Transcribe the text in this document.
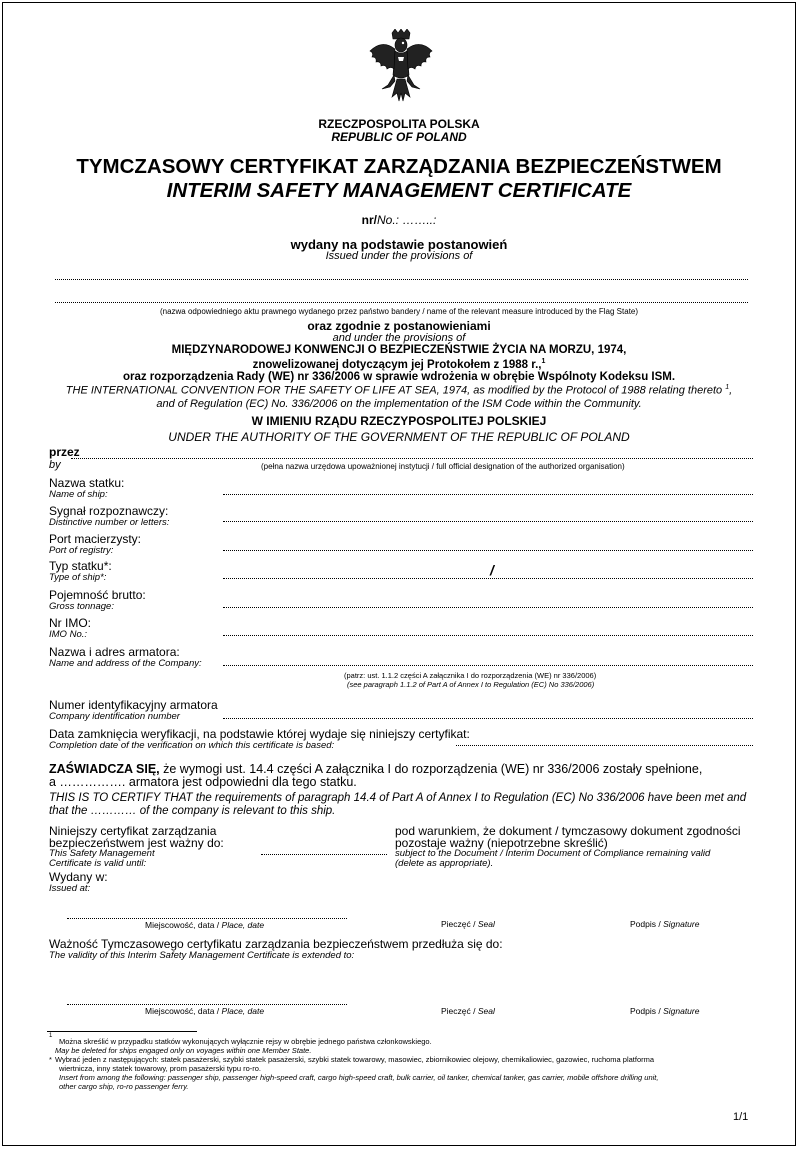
RZECZPOSPOLITA POLSKA
REPUBLIC OF POLAND
TYMCZASOWY CERTYFIKAT ZARZĄDZANIA BEZPIECZEŃSTWEM
INTERIM SAFETY MANAGEMENT CERTIFICATE
nr/No.: ……..:
wydany na podstawie postanowień
Issued under the provisions of
(nazwa odpowiedniego aktu prawnego wydanego przez państwo bandery / name of the relevant measure introduced by the Flag State)
oraz zgodnie z postanowieniami
and under the provisions of
MIĘDZYNARODOWEJ KONWENCJI O BEZPIECZEŃSTWIE ŻYCIA NA MORZU, 1974,
znowelizowanej dotyczącym jej Protokołem z 1988 r.,$^1$
oraz rozporządzenia Rady (WE) nr 336/2006 w sprawie wdrożenia w obrębie Wspólnoty Kodeksu ISM.
THE INTERNATIONAL CONVENTION FOR THE SAFETY OF LIFE AT SEA, 1974, as modified by the Protocol of 1988 relating thereto $^1$,
and of Regulation (EC) No. 336/2006 on the implementation of the ISM Code within the Community.
W IMIENIU RZĄDU RZECZYPOSPOLITEJ POLSKIEJ
UNDER THE AUTHORITY OF THE GOVERNMENT OF THE REPUBLIC OF POLAND
przez
by	(pełna nazwa urzędowa upoważnionej instytucji / full official designation of the authorized organisation)
Nazwa statku:
Name of ship:
Sygnał rozpoznawczy:
Distinctive number or letters:
Port macierzysty:
Port of registry:
Typ statku*:
Type of ship*:	/
Pojemność brutto:
Gross tonnage:
Nr IMO:
IMO No.:
Nazwa i adres armatora:
Name and address of the Company:
(patrz: ust. 1.1.2 części A załącznika I do rozporządzenia (WE) nr 336/2006)
(see paragraph 1.1.2 of Part A of Annex I to Regulation (EC) No 336/2006)
Numer identyfikacyjny armatora
Company identification number
Data zamknięcia weryfikacji, na podstawie której wydaje się niniejszy certyfikat:
Completion date of the verification on which this certificate is based:
ZAŚWIADCZA SIĘ, że wymogi ust. 14.4 części A załącznika I do rozporządzenia (WE) nr 336/2006 zostały spełnione,
a ……………. armatora jest odpowiedni dla tego statku.
THIS IS TO CERTIFY THAT the requirements of paragraph 14.4 of Part A of Annex I to Regulation (EC) No 336/2006 have been met and
that the ………… of the company is relevant to this ship.
Niniejszy certyfikat zarządzania
bezpieczeństwem jest ważny do:
This Safety Management
Certificate is valid until:
pod warunkiem, że dokument / tymczasowy dokument zgodności
pozostaje ważny (niepotrzebne skreślić)
subject to the Document / Interim Document of Compliance remaining valid
(delete as appropriate).
Wydany w:
Issued at:
Miejscowość, data / Place, date	Pieczęć / Seal	Podpis / Signature
Ważność Tymczasowego certyfikatu zarządzania bezpieczeństwem przedłuża się do:
The validity of this Interim Safety Management Certificate is extended to:
Miejscowość, data / Place, date	Pieczęć / Seal	Podpis / Signature
1
Można skreślić w przypadku statków wykonujących wyłącznie rejsy w obrębie jednego państwa członkowskiego.
May be deleted for ships engaged only on voyages within one Member State.
* Wybrać jeden z następujących: statek pasażerski, szybki statek pasażerski, szybki statek towarowy, masowiec, zbiornikowiec olejowy, chemikaliowiec, gazowiec, ruchoma platforma
wiertnicza, inny statek towarowy, prom pasażerski typu ro-ro.
Insert from among the following: passenger ship, passenger high-speed craft, cargo high-speed craft, bulk carrier, oil tanker, chemical tanker, gas carrier, mobile offshore drilling unit,
other cargo ship, ro-ro passenger ferry.
1/1
